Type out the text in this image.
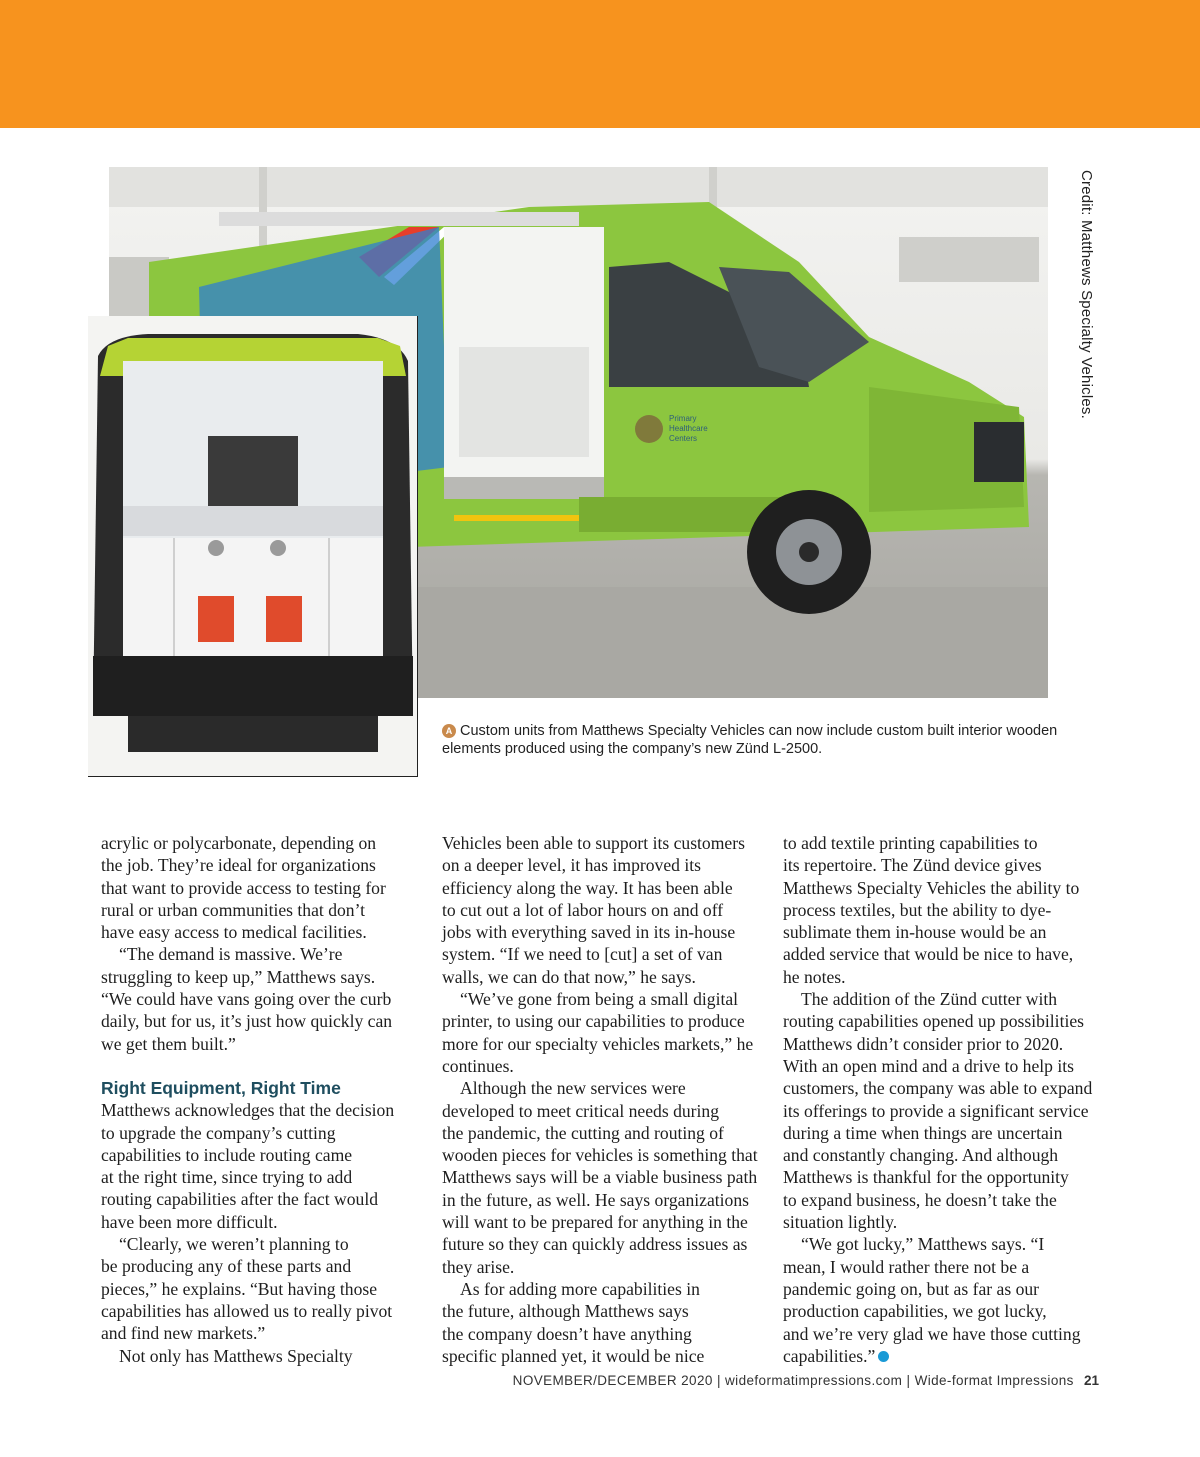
Primary
Healthcare
Centers
Credit: Matthews Specialty Vehicles.
A Custom units from Matthews Specialty Vehicles can now include custom built interior wooden elements produced using the company’s new Zünd L-2500.

acrylic or polycarbonate, depending on
the job. They’re ideal for organizations
that want to provide access to testing for
rural or urban communities that don’t
have easy access to medical facilities.

“The demand is massive. We’re
struggling to keep up,” Matthews says.
“We could have vans going over the curb
daily, but for us, it’s just how quickly can
we get them built.”

Right Equipment, Right Time

Matthews acknowledges that the decision
to upgrade the company’s cutting
capabilities to include routing came
at the right time, since trying to add
routing capabilities after the fact would
have been more difficult.

“Clearly, we weren’t planning to
be producing any of these parts and
pieces,” he explains. “But having those
capabilities has allowed us to really pivot
and find new markets.”

Not only has Matthews Specialty

Vehicles been able to support its customers
on a deeper level, it has improved its
efficiency along the way. It has been able
to cut out a lot of labor hours on and off
jobs with everything saved in its in-house
system. “If we need to [cut] a set of van
walls, we can do that now,” he says.

“We’ve gone from being a small digital
printer, to using our capabilities to produce
more for our specialty vehicles markets,” he
continues.

Although the new services were
developed to meet critical needs during
the pandemic, the cutting and routing of
wooden pieces for vehicles is something that
Matthews says will be a viable business path
in the future, as well. He says organizations
will want to be prepared for anything in the
future so they can quickly address issues as
they arise.

As for adding more capabilities in
the future, although Matthews says
the company doesn’t have anything
specific planned yet, it would be nice

to add textile printing capabilities to
its repertoire. The Zünd device gives
Matthews Specialty Vehicles the ability to
process textiles, but the ability to dye-
sublimate them in-house would be an
added service that would be nice to have,
he notes.

The addition of the Zünd cutter with
routing capabilities opened up possibilities
Matthews didn’t consider prior to 2020.
With an open mind and a drive to help its
customers, the company was able to expand
its offerings to provide a significant service
during a time when things are uncertain
and constantly changing. And although
Matthews is thankful for the opportunity
to expand business, he doesn’t take the
situation lightly.

“We got lucky,” Matthews says. “I
mean, I would rather there not be a
pandemic going on, but as far as our
production capabilities, we got lucky,
and we’re very glad we have those cutting
capabilities.”

NOVEMBER/DECEMBER 2020 | wideformatimpressions.com | Wide-format Impressions 21
